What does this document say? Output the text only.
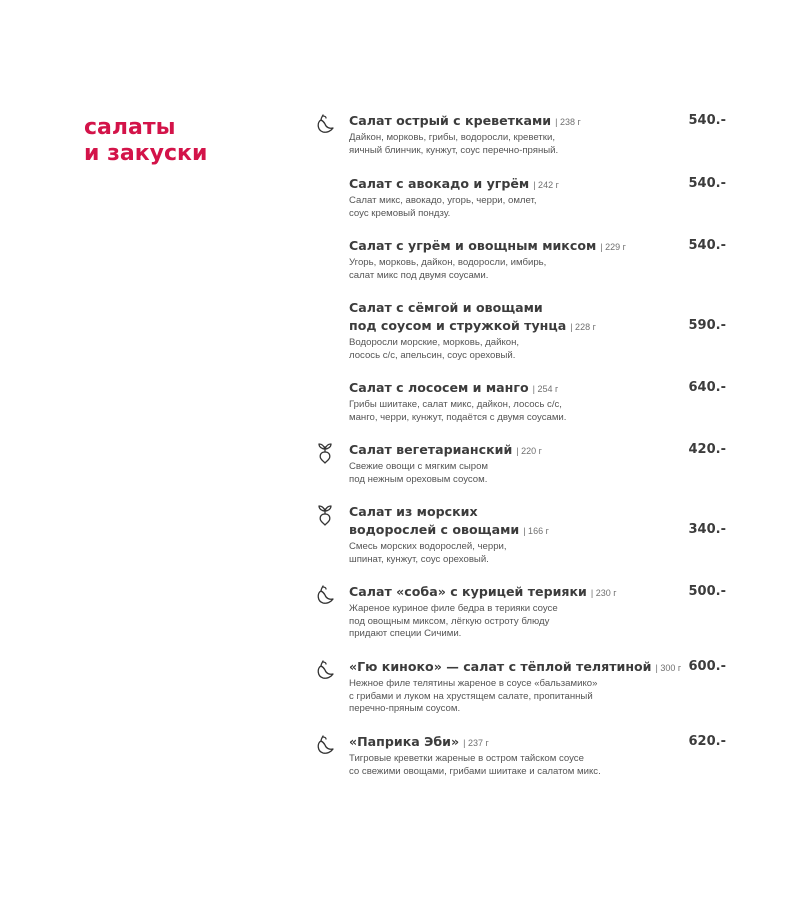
салаты
и закуски
Салат острый с креветками | 238 г

Дайкон, морковь, грибы, водоросли, креветки,
яичный блинчик, кунжут, соус перечно-пряный.

540.-
Салат с авокадо и угрём | 242 г

Салат микс, авокадо, угорь, черри, омлет,
соус кремовый пондзу.

540.-
Салат с угрём и овощным миксом | 229 г

Угорь, морковь, дайкон, водоросли, имбирь,
салат микс под двумя соусами.

540.-
Салат с сёмгой и овощами
под соусом и стружкой тунца | 228 г

Водоросли морские, морковь, дайкон,
лосось с/с, апельсин, соус ореховый.

590.-
Салат с лососем и манго | 254 г

Грибы шиитаке, салат микс, дайкон, лосось с/с,
манго, черри, кунжут, подаётся с двумя соусами.

640.-
Салат вегетарианский | 220 г

Свежие овощи с мягким сыром
под нежным ореховым соусом.

420.-
Салат из морских
водорослей с овощами | 166 г

Смесь морских водорослей, черри,
шпинат, кунжут, соус ореховый.

340.-
Салат «соба» с курицей терияки | 230 г

Жареное куриное филе бедра в терияки соусе
под овощным миксом, лёгкую остроту блюду
придают специи Сичими.

500.-
«Гю киноко» — салат с тёплой телятиной | 300 г

Нежное филе телятины жареное в соусе «бальзамико»
с грибами и луком на хрустящем салате, пропитанный
перечно-пряным соусом.

600.-
«Паприка Эби» | 237 г

Тигровые креветки жареные в остром тайском соусе
со свежими овощами, грибами шиитаке и салатом микс.

620.-
